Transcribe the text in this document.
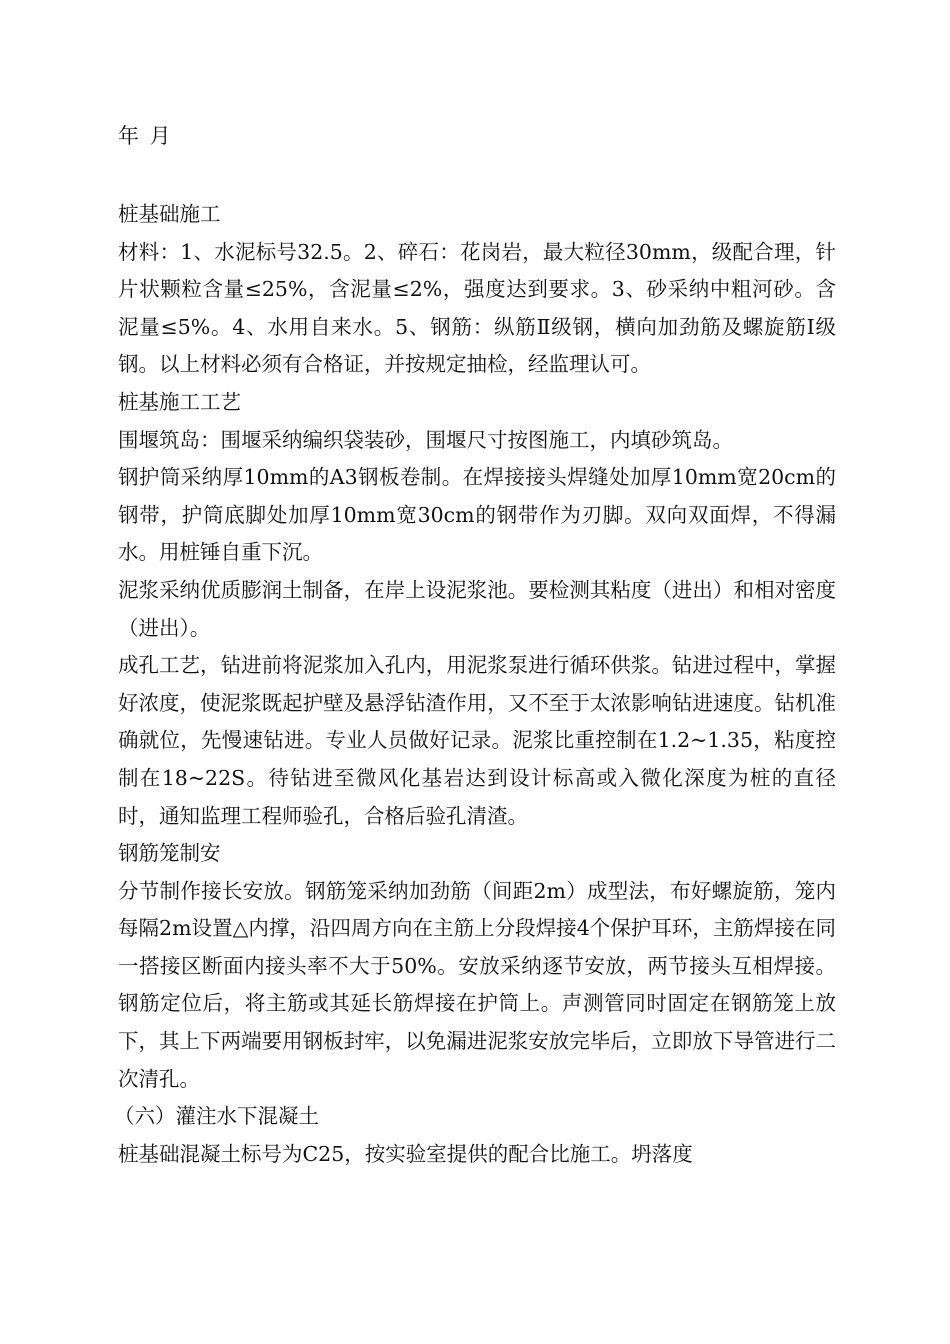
年 月

桩基础施工

材料：1、水泥标号32.5。2、碎石：花岗岩，最大粒径30mm，级配合理，针片状颗粒含量≤25%，含泥量≤2%，强度达到要求。3、砂采纳中粗河砂。含泥量≤5%。4、水用自来水。5、钢筋：纵筋Ⅱ级钢，横向加劲筋及螺旋筋Ⅰ级钢。以上材料必须有合格证，并按规定抽检，经监理认可。

桩基施工工艺

围堰筑岛：围堰采纳编织袋装砂，围堰尺寸按图施工，内填砂筑岛。

钢护筒采纳厚10mm的A3钢板卷制。在焊接接头焊缝处加厚10mm宽20cm的钢带，护筒底脚处加厚10mm宽30cm的钢带作为刃脚。双向双面焊，不得漏水。用桩锤自重下沉。

泥浆采纳优质膨润土制备，在岸上设泥浆池。要检测其粘度（进出）和相对密度（进出）。

成孔工艺，钻进前将泥浆加入孔内，用泥浆泵进行循环供浆。钻进过程中，掌握好浓度，使泥浆既起护壁及悬浮钻渣作用，又不至于太浓影响钻进速度。钻机准确就位，先慢速钻进。专业人员做好记录。泥浆比重控制在1.2~1.35，粘度控制在18~22S。待钻进至微风化基岩达到设计标高或入微化深度为桩的直径时，通知监理工程师验孔，合格后验孔清渣。

钢筋笼制安

分节制作接长安放。钢筋笼采纳加劲筋（间距2m）成型法，布好螺旋筋，笼内每隔2m设置△内撑，沿四周方向在主筋上分段焊接4个保护耳环，主筋焊接在同一搭接区断面内接头率不大于50%。安放采纳逐节安放，两节接头互相焊接。钢筋定位后，将主筋或其延长筋焊接在护筒上。声测管同时固定在钢筋笼上放下，其上下两端要用钢板封牢，以免漏进泥浆安放完毕后，立即放下导管进行二次清孔。

（六）灌注水下混凝土

桩基础混凝土标号为C25，按实验室提供的配合比施工。坍落度
